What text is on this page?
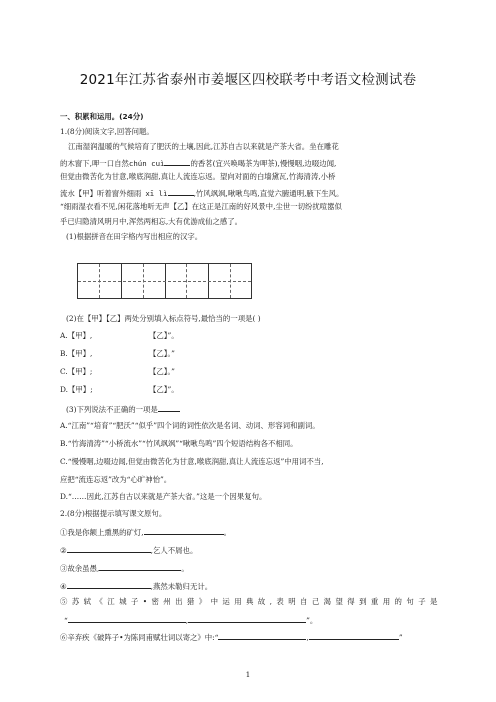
2021年江苏省泰州市姜堰区四校联考中考语文检测试卷
一、积累和运用。(24分)
1.(8分)阅读文字,回答问题。
江南湿润温暖的气候培育了肥沃的土壤,因此,江苏自古以来就是产茶大省。坐在雕花
的木窗下,呷一口自然chún cuì	的香茗(宜兴唤喝茶为呷茶),慢慢咽,边啜边闻,
但觉由微苦化为甘意,喉底润甜,真让人流连忘返。望向对面的白墙黛瓦,竹海清涛,小桥
流水【甲】听着窗外细雨 xī lì	,竹风飒飒,啾啾鸟鸣,直觉六腑通明,腋下生风。
“细雨湿衣看不见,闲花落地听无声【乙】在这正是江南的好风景中,尘世一切纷扰喧嚣似
乎已归隐清风明月中,浑然两相忘,大有优游成仙之感了。
(1)根据拼音在田字格内写出相应的汉字。
(2)在【甲】【乙】两处分别填入标点符号,最恰当的一项是( )
A.【甲】,	【乙】”。
B.【甲】,	【乙】。”
C.【甲】;	【乙】。”
D.【甲】;	【乙】”。
(3)下列说法不正确的一项是
A.“江南”“培育”“肥沃”“似乎”四个词的词性依次是名词、动词、形容词和副词。
B.“竹海清涛”“小桥流水”“竹风飒飒”“啾啾鸟鸣”四个短语结构各不相同。
C.“慢慢咽,边啜边闻,但觉由微苦化为甘意,喉底润甜,真让人流连忘返”中用词不当,
应把“流连忘返”改为“心旷神怡”。
D.“……因此,江苏自古以来就是产茶大省。”这是一个因果复句。
2.(8分)根据提示填写课文原句。
①我是你额上熏黑的矿灯,	。
②	,乞人不屑也。
③故余虽愚,	。
④	,燕然未勒归无计。
⑤苏轼《江城子•密州出猎》中运用典故,表明自己渴望得到重用的句子是
“	,	”。
⑥辛弃疾《破阵子•为陈同甫赋壮词以寄之》中:“	,	”
1
